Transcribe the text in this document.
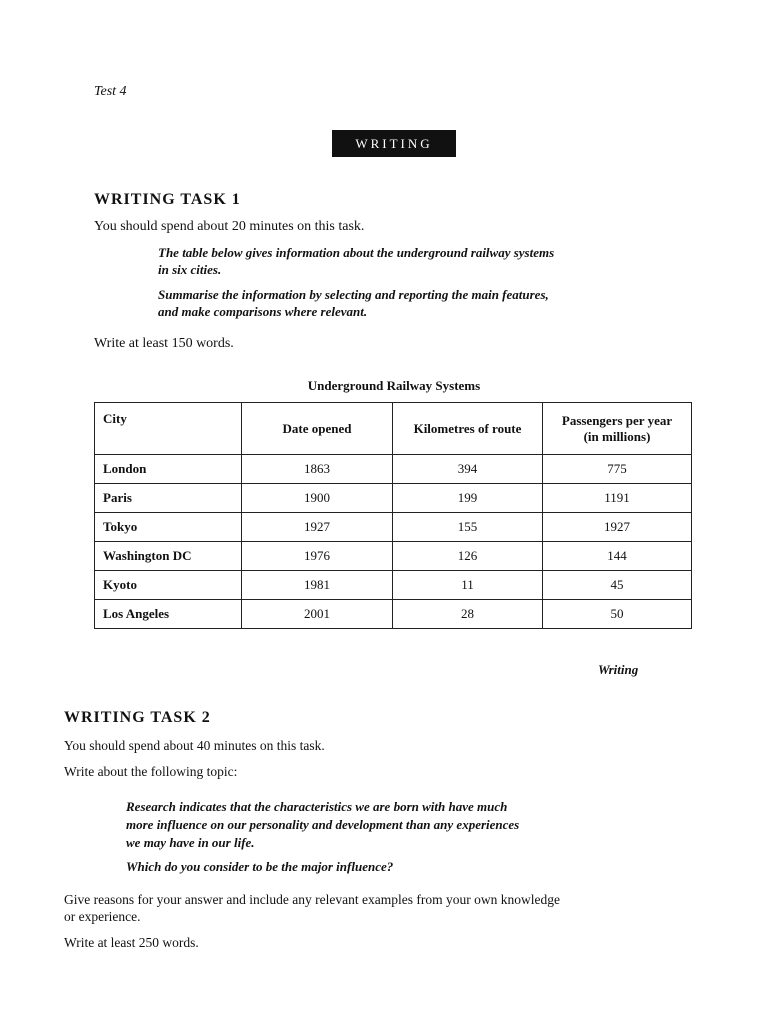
Test 4
WRITING
WRITING TASK 1
You should spend about 20 minutes on this task.
The table below gives information about the underground railway systems
in six cities.
Summarise the information by selecting and reporting the main features,
and make comparisons where relevant.
Write at least 150 words.
Underground Railway Systems
City	Date opened	Kilometres of route	Passengers per year
(in millions)
London	1863	394	775
Paris	1900	199	1191
Tokyo	1927	155	1927
Washington DC	1976	126	144
Kyoto	1981	11	45
Los Angeles	2001	28	50
Writing
WRITING TASK 2
You should spend about 40 minutes on this task.
Write about the following topic:
Research indicates that the characteristics we are born with have much
more influence on our personality and development than any experiences
we may have in our life.
Which do you consider to be the major influence?
Give reasons for your answer and include any relevant examples from your own knowledge
or experience.
Write at least 250 words.
